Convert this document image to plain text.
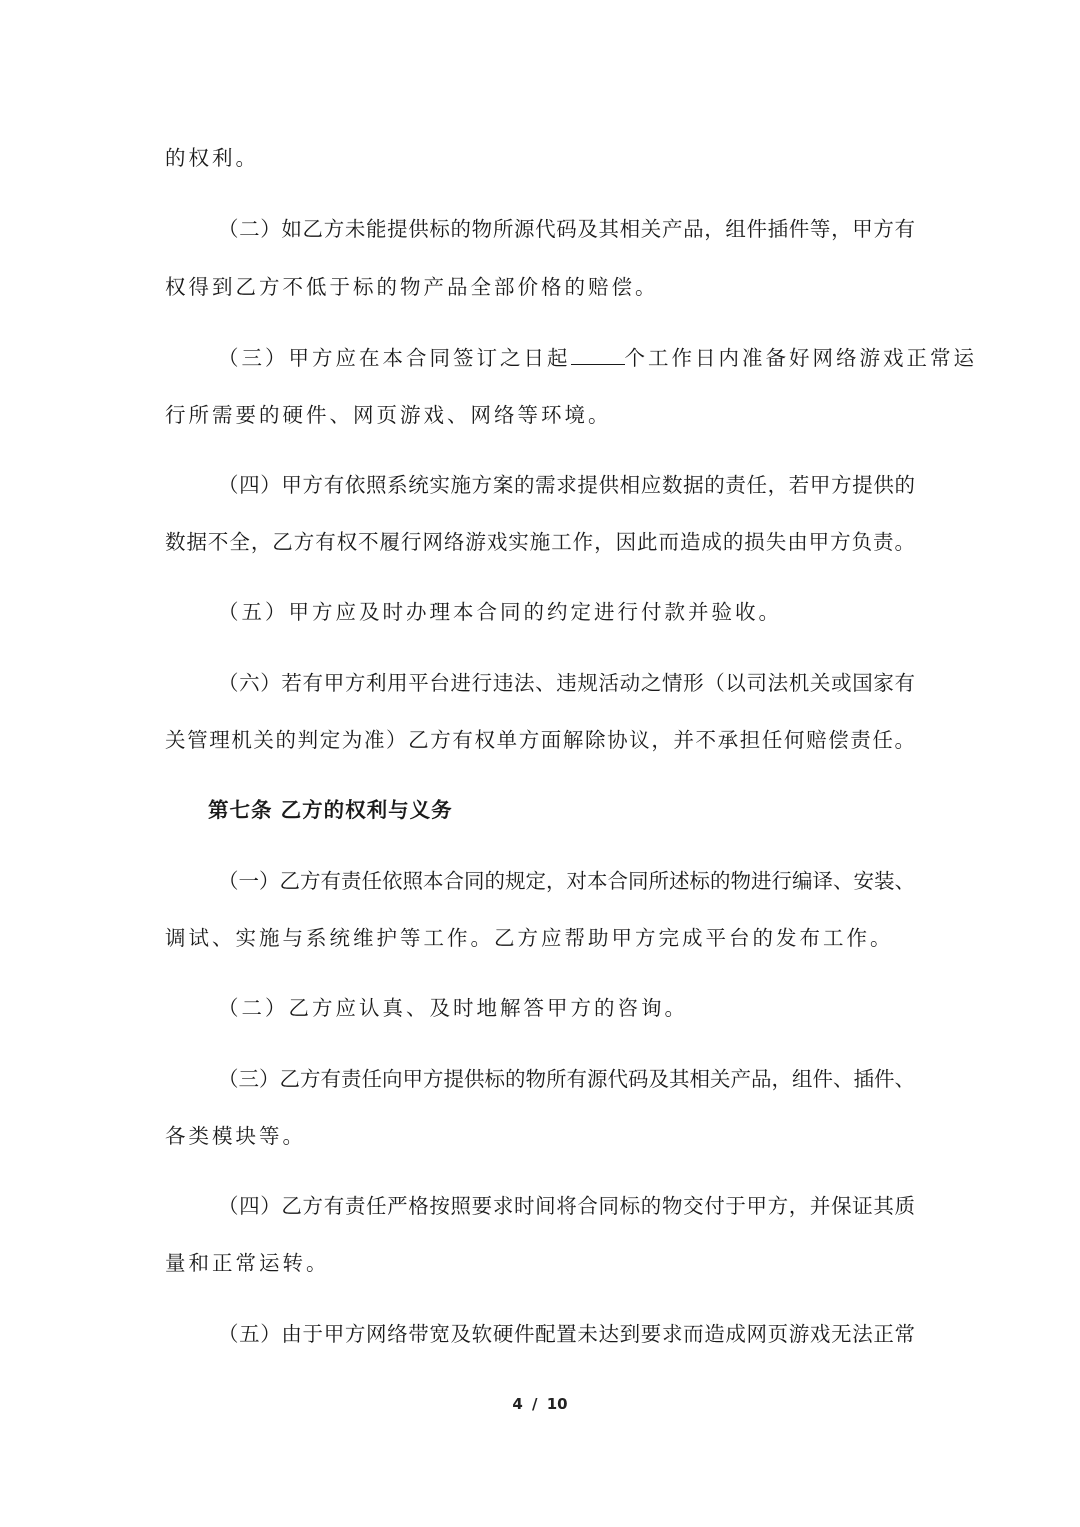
的权利。
（二）如乙方未能提供标的物所源代码及其相关产品，组件插件等，甲方有
权得到乙方不低于标的物产品全部价格的赔偿。
（三）甲方应在本合同签订之日起	个工作日内准备好网络游戏正常运
行所需要的硬件、网页游戏、网络等环境。
（四）甲方有依照系统实施方案的需求提供相应数据的责任，若甲方提供的
数据不全，乙方有权不履行网络游戏实施工作，因此而造成的损失由甲方负责。
（五）甲方应及时办理本合同的约定进行付款并验收。
（六）若有甲方利用平台进行违法、违规活动之情形（以司法机关或国家有
关管理机关的判定为准）乙方有权单方面解除协议，并不承担任何赔偿责任。
第七条 乙方的权利与义务
（一）乙方有责任依照本合同的规定，对本合同所述标的物进行编译、安装、
调试、实施与系统维护等工作。乙方应帮助甲方完成平台的发布工作。
（二）乙方应认真、及时地解答甲方的咨询。
（三）乙方有责任向甲方提供标的物所有源代码及其相关产品，组件、插件、
各类模块等。
（四）乙方有责任严格按照要求时间将合同标的物交付于甲方，并保证其质
量和正常运转。
（五）由于甲方网络带宽及软硬件配置未达到要求而造成网页游戏无法正常
4 / 10
